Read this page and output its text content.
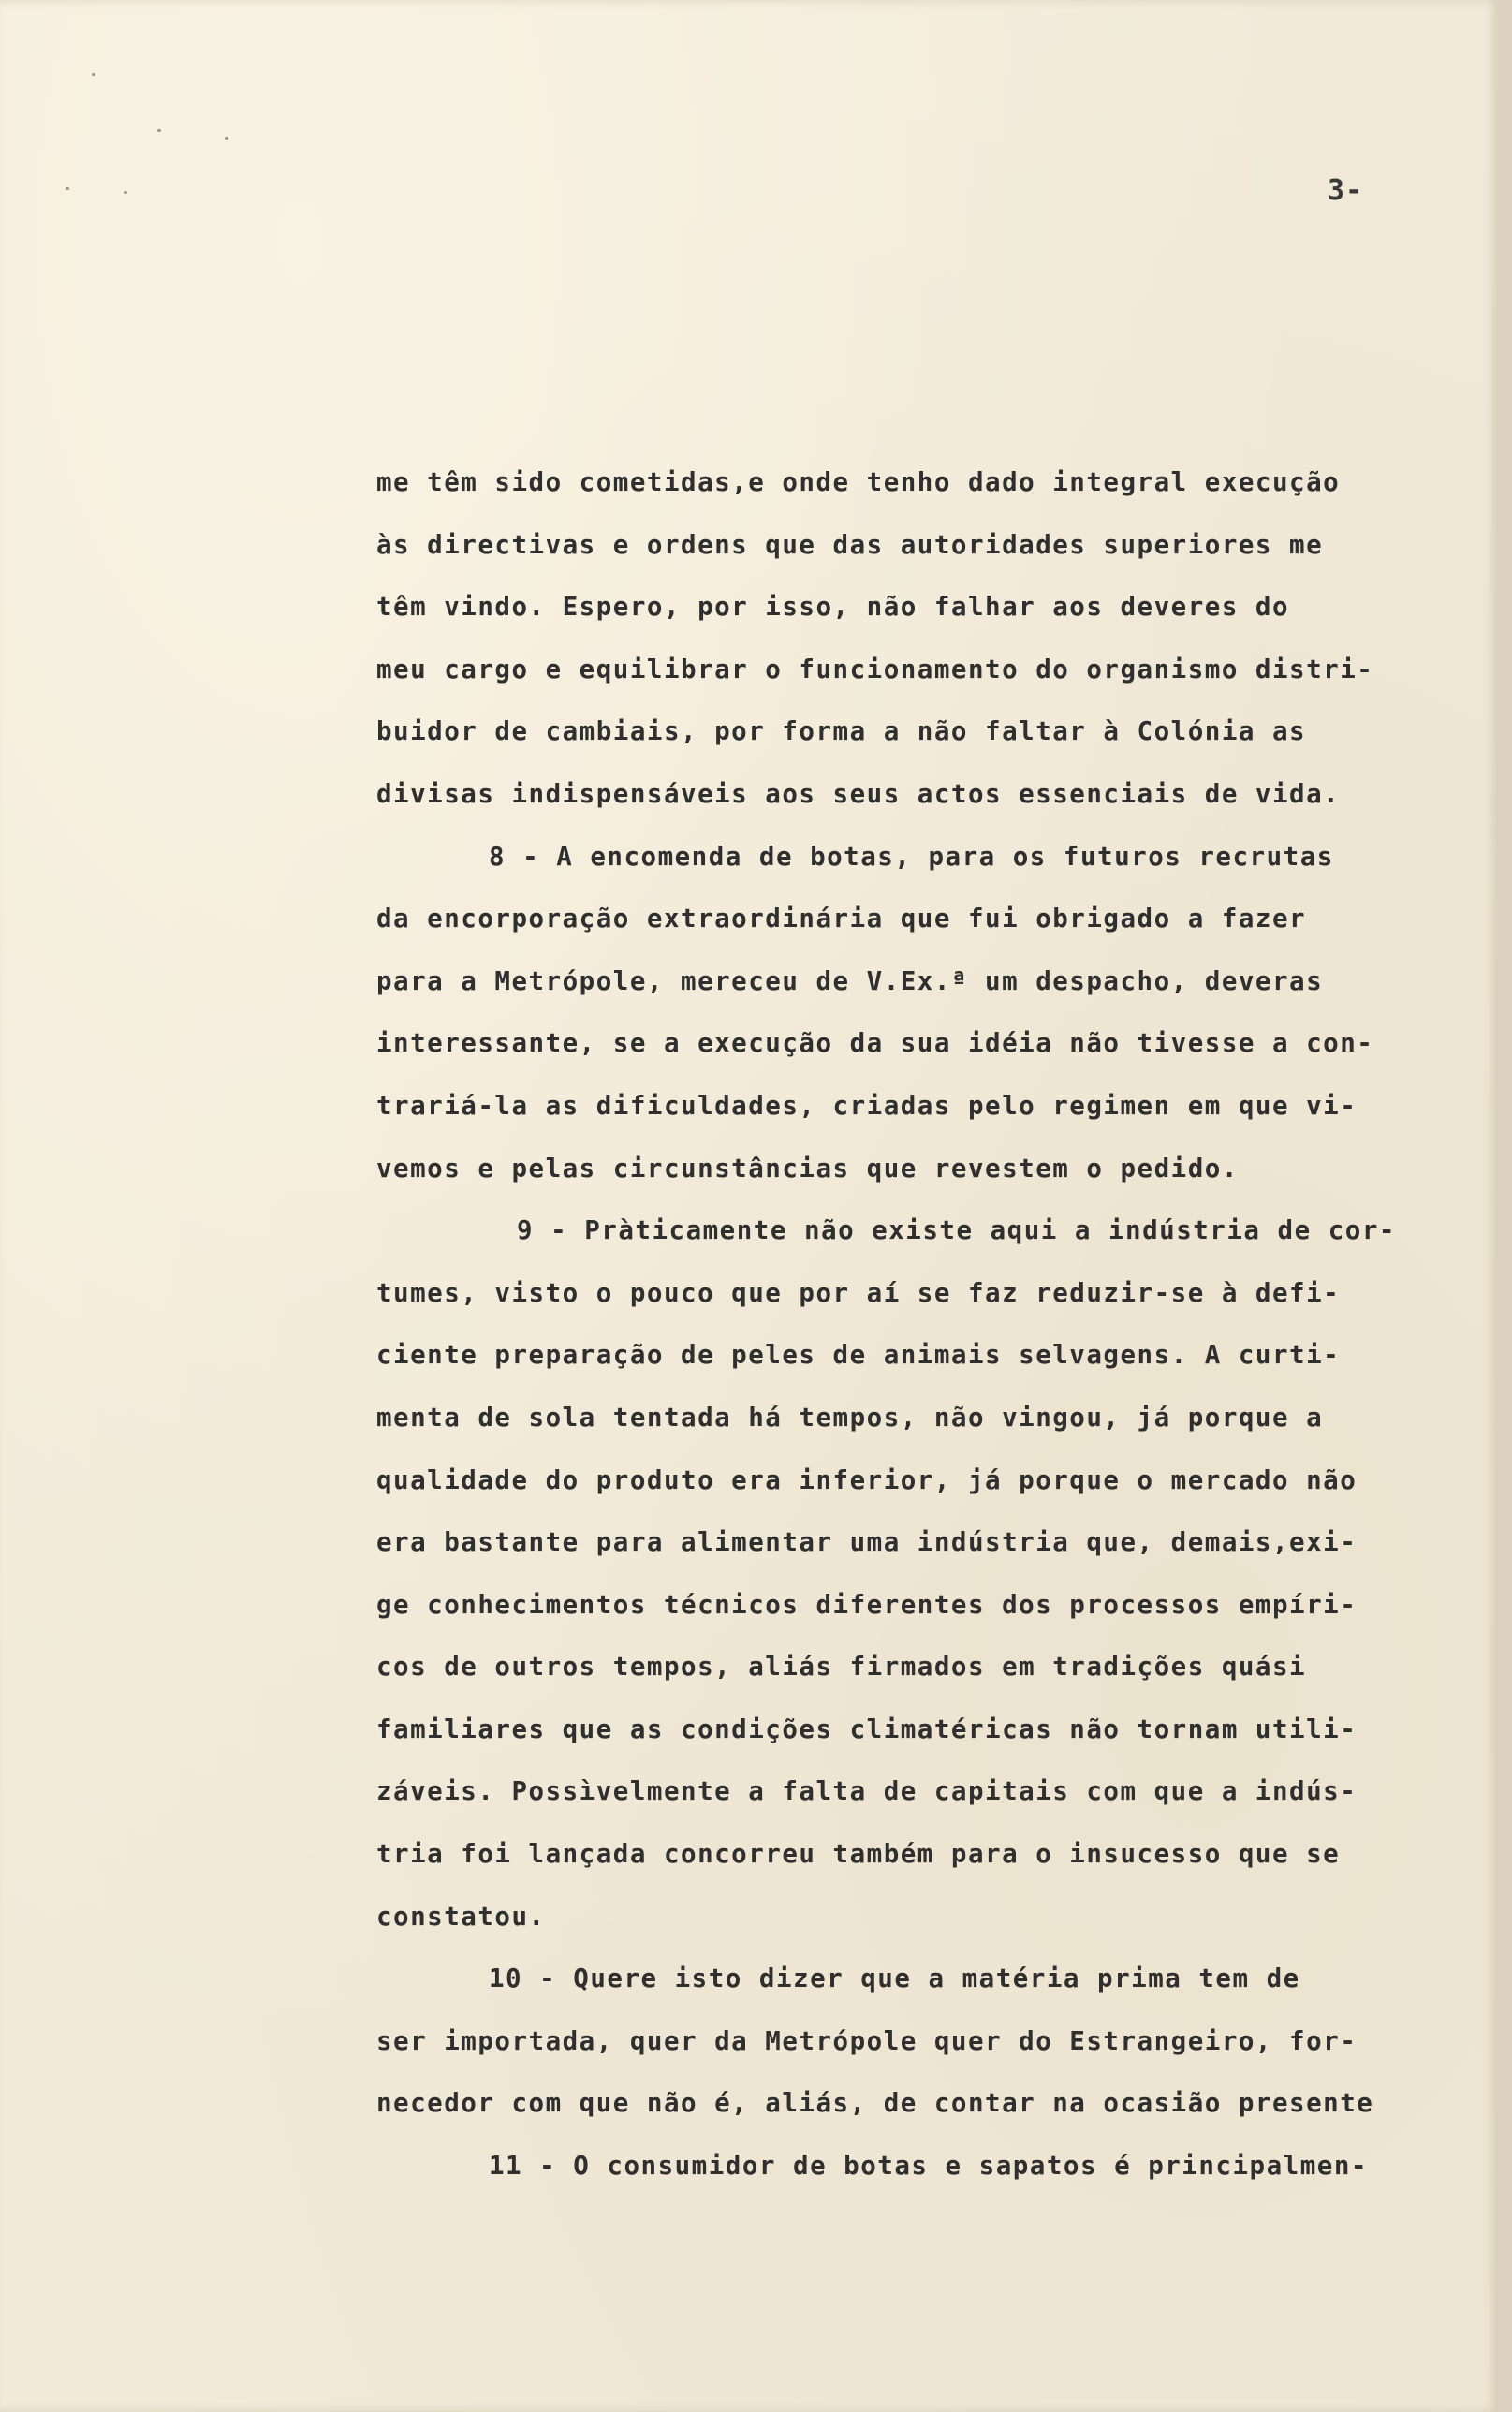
3-
me têm sido cometidas,e onde tenho dado integral execução
às directivas e ordens que das autoridades superiores me
têm vindo. Espero, por isso, não falhar aos deveres do
meu cargo e equilibrar o funcionamento do organismo distri-
buidor de cambiais, por forma a não faltar à Colónia as
divisas indispensáveis aos seus actos essenciais de vida.
8 - A encomenda de botas, para os futuros recrutas
da encorporação extraordinária que fui obrigado a fazer
para a Metrópole, mereceu de V.Ex.ª um despacho, deveras
interessante, se a execução da sua idéia não tivesse a con-
trariá-la as dificuldades, criadas pelo regimen em que vi-
vemos e pelas circunstâncias que revestem o pedido.
9 - Pràticamente não existe aqui a indústria de cor-
tumes, visto o pouco que por aí se faz reduzir-se à defi-
ciente preparação de peles de animais selvagens. A curti-
menta de sola tentada há tempos, não vingou, já porque a
qualidade do produto era inferior, já porque o mercado não
era bastante para alimentar uma indústria que, demais,exi-
ge conhecimentos técnicos diferentes dos processos empíri-
cos de outros tempos, aliás firmados em tradições quási
familiares que as condições climatéricas não tornam utili-
záveis. Possìvelmente a falta de capitais com que a indús-
tria foi lançada concorreu também para o insucesso que se
constatou.
10 - Quere isto dizer que a matéria prima tem de
ser importada, quer da Metrópole quer do Estrangeiro, for-
necedor com que não é, aliás, de contar na ocasião presente
11 - O consumidor de botas e sapatos é principalmen-
